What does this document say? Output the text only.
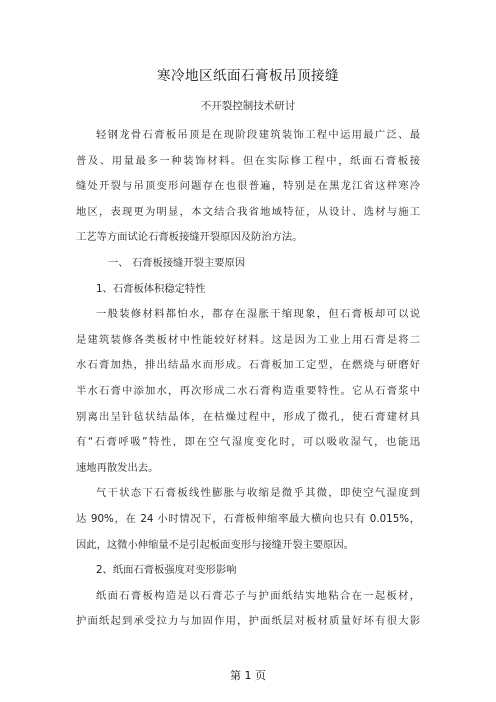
寒冷地区纸面石膏板吊顶接缝
不开裂控制技术研讨
轻钢龙骨石膏板吊顶是在现阶段建筑装饰工程中运用最广泛、最
普及、用量最多一种装饰材料。但在实际修工程中，纸面石膏板接
缝处开裂与吊顶变形问题存在也很普遍，特别是在黑龙江省这样寒冷
地区，表现更为明显，本文结合我省地域特征，从设计、选材与施工
工艺等方面试论石膏板接缝开裂原因及防治方法。
一、 石膏板接缝开裂主要原因
1、石膏板体积稳定特性
一般装修材料都怕水，都存在湿胀干缩现象，但石膏板却可以说
是建筑装修各类板材中性能较好材料。这是因为工业上用石膏是将二
水石膏加热，排出结晶水而形成。石膏板加工定型，在燃烧与研磨好
半水石膏中添加水，再次形成二水石膏构造重要特性。它从石膏浆中
别离出呈针毡状结晶体，在枯燥过程中，形成了微孔，使石膏建材具
有“石膏呼吸”特性，即在空气湿度变化时，可以吸收湿气，也能迅
速地再散发出去。
气干状态下石膏板线性膨胀与收缩是微乎其微，即使空气湿度到
达 90%，在 24 小时情况下，石膏板伸缩率最大横向也只有 0.015%，
因此，这微小伸缩量不是引起板面变形与接缝开裂主要原因。
2、纸面石膏板强度对变形影响
纸面石膏板构造是以石膏芯子与护面纸结实地粘合在一起板材，
护面纸起到承受拉力与加固作用，护面纸层对板材质量好坏有很大影
第 1 页
